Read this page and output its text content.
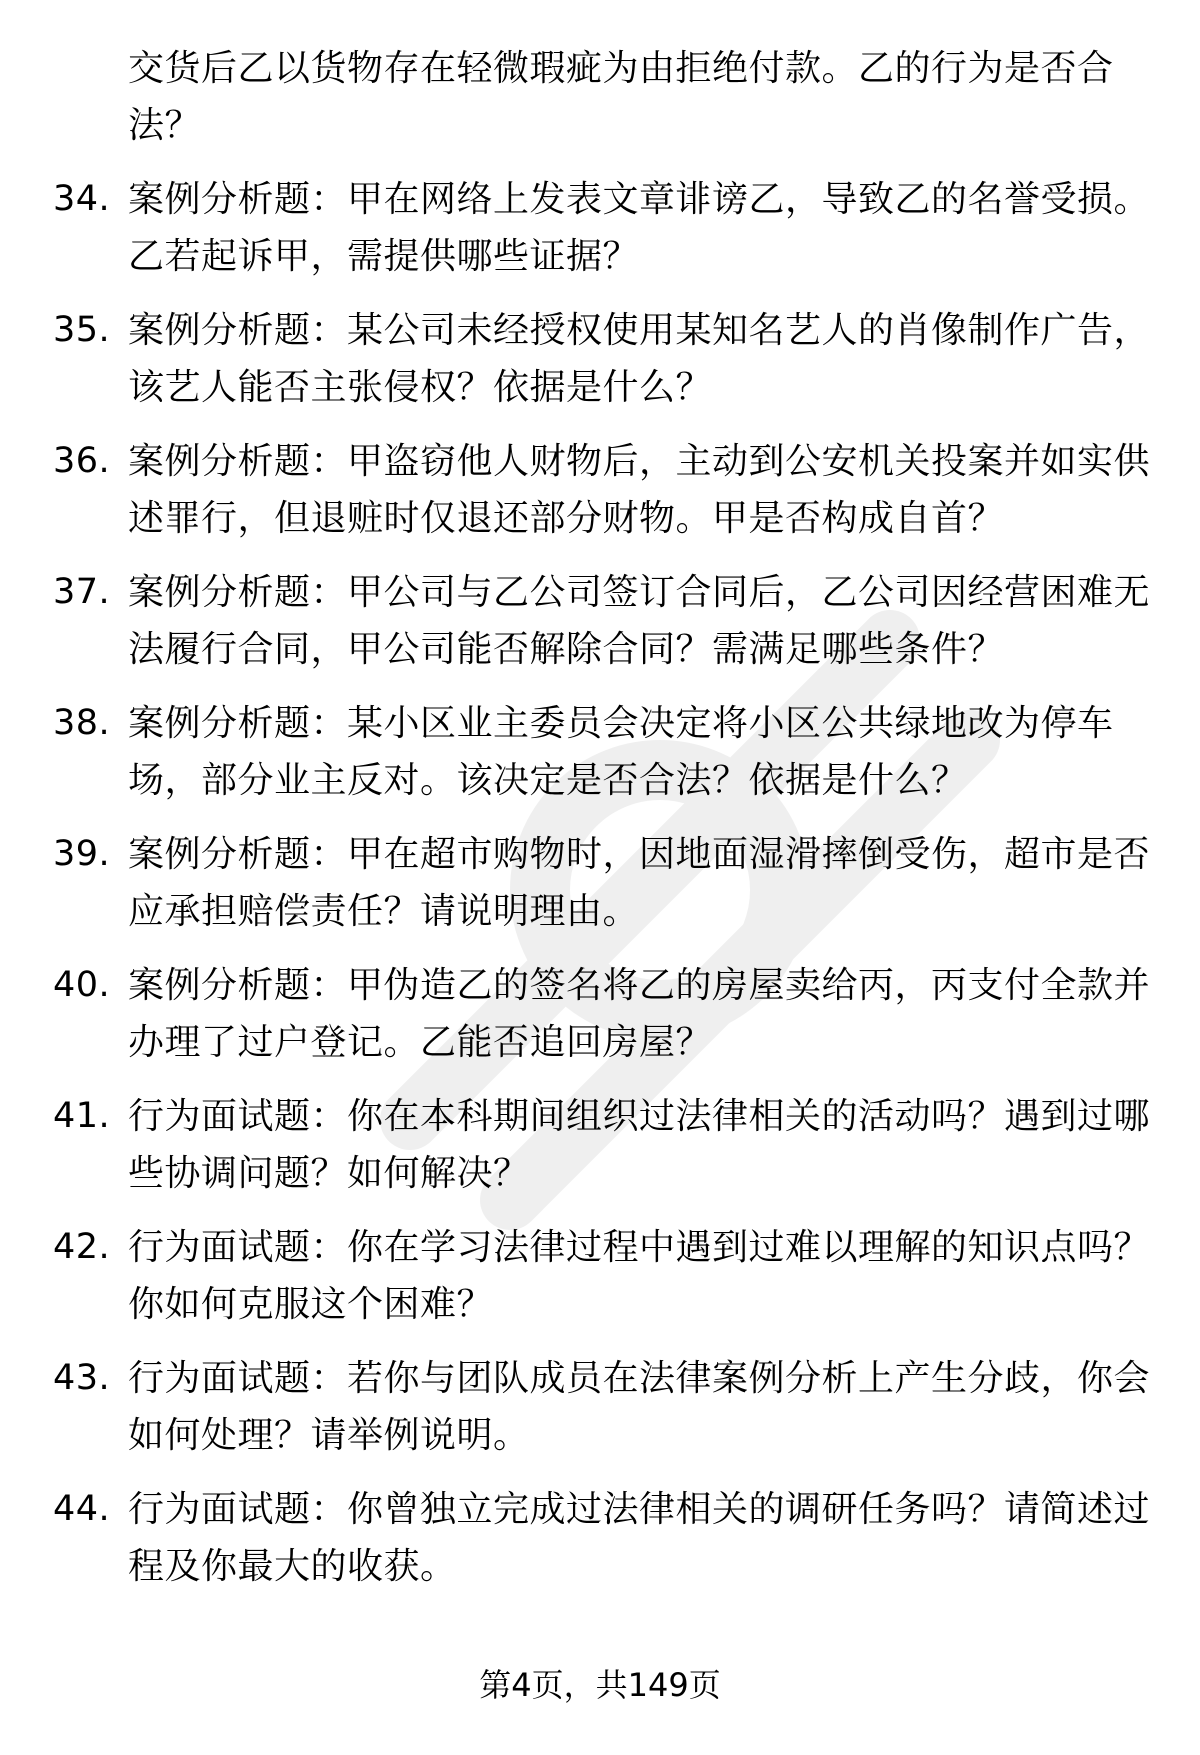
交货后乙以货物存在轻微瑕疵为由拒绝付款。乙的行为是否合法？
34. 案例分析题：甲在网络上发表文章诽谤乙，导致乙的名誉受损。乙若起诉甲，需提供哪些证据？
35. 案例分析题：某公司未经授权使用某知名艺人的肖像制作广告，该艺人能否主张侵权？依据是什么？
36. 案例分析题：甲盗窃他人财物后，主动到公安机关投案并如实供述罪行，但退赃时仅退还部分财物。甲是否构成自首？
37. 案例分析题：甲公司与乙公司签订合同后，乙公司因经营困难无法履行合同，甲公司能否解除合同？需满足哪些条件？
38. 案例分析题：某小区业主委员会决定将小区公共绿地改为停车场，部分业主反对。该决定是否合法？依据是什么？
39. 案例分析题：甲在超市购物时，因地面湿滑摔倒受伤，超市是否应承担赔偿责任？请说明理由。
40. 案例分析题：甲伪造乙的签名将乙的房屋卖给丙，丙支付全款并办理了过户登记。乙能否追回房屋？
41. 行为面试题：你在本科期间组织过法律相关的活动吗？遇到过哪些协调问题？如何解决？
42. 行为面试题：你在学习法律过程中遇到过难以理解的知识点吗？你如何克服这个困难？
43. 行为面试题：若你与团队成员在法律案例分析上产生分歧，你会如何处理？请举例说明。
44. 行为面试题：你曾独立完成过法律相关的调研任务吗？请简述过程及你最大的收获。
第4页，共149页
